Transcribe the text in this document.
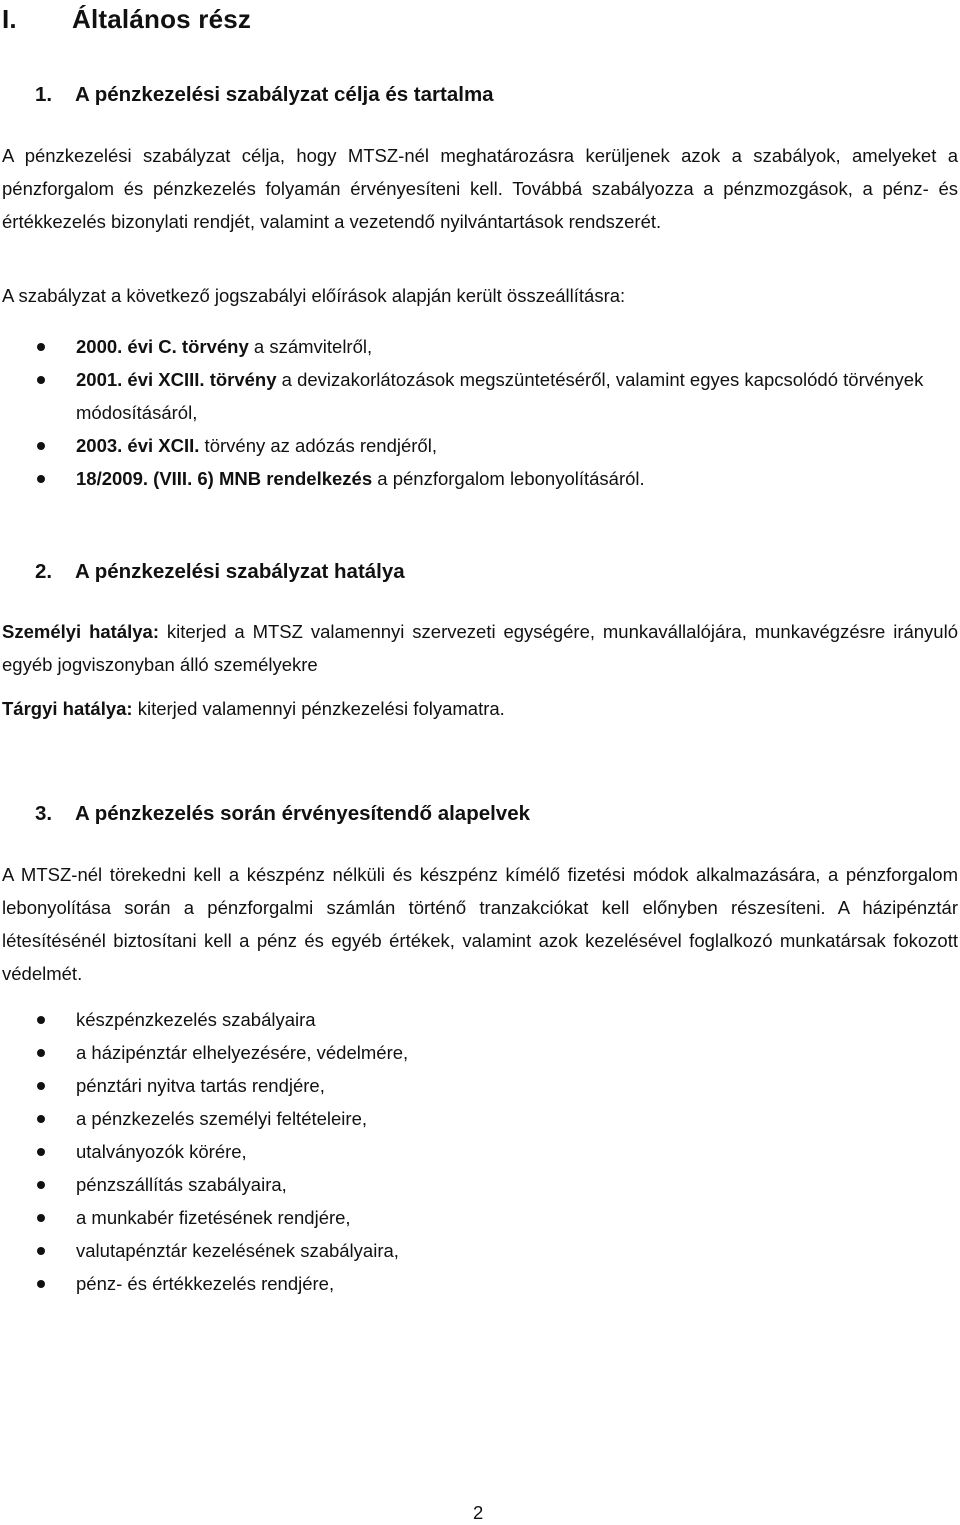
I. Általános rész
1. A pénzkezelési szabályzat célja és tartalma

A pénzkezelési szabályzat célja, hogy MTSZ-nél meghatározásra kerüljenek azok a szabályok, amelyeket a pénzforgalom és pénzkezelés folyamán érvényesíteni kell. Továbbá szabályozza a pénzmozgások, a pénz- és értékkezelés bizonylati rendjét, valamint a vezetendő nyilvántartások rendszerét.

A szabályzat a következő jogszabályi előírások alapján került összeállításra:
2000. évi C. törvény a számvitelről,
2001. évi XCIII. törvény a devizakorlátozások megszüntetéséről, valamint egyes kapcsolódó törvények módosításáról,
2003. évi XCII. törvény az adózás rendjéről,
18/2009. (VIII. 6) MNB rendelkezés a pénzforgalom lebonyolításáról.
2. A pénzkezelési szabályzat hatálya

Személyi hatálya: kiterjed a MTSZ valamennyi szervezeti egységére, munkavállalójára, munkavégzésre irányuló egyéb jogviszonyban álló személyekre

Tárgyi hatálya: kiterjed valamennyi pénzkezelési folyamatra.
3. A pénzkezelés során érvényesítendő alapelvek

A MTSZ-nél törekedni kell a készpénz nélküli és készpénz kímélő fizetési módok alkalmazására, a pénzforgalom lebonyolítása során a pénzforgalmi számlán történő tranzakciókat kell előnyben részesíteni. A házipénztár létesítésénél biztosítani kell a pénz és egyéb értékek, valamint azok kezelésével foglalkozó munkatársak fokozott védelmét.

készpénzkezelés szabályaira
a házipénztár elhelyezésére, védelmére,
pénztári nyitva tartás rendjére,
a pénzkezelés személyi feltételeire,
utalványozók körére,
pénzszállítás szabályaira,
a munkabér fizetésének rendjére,
valutapénztár kezelésének szabályaira,
pénz- és értékkezelés rendjére,
2
